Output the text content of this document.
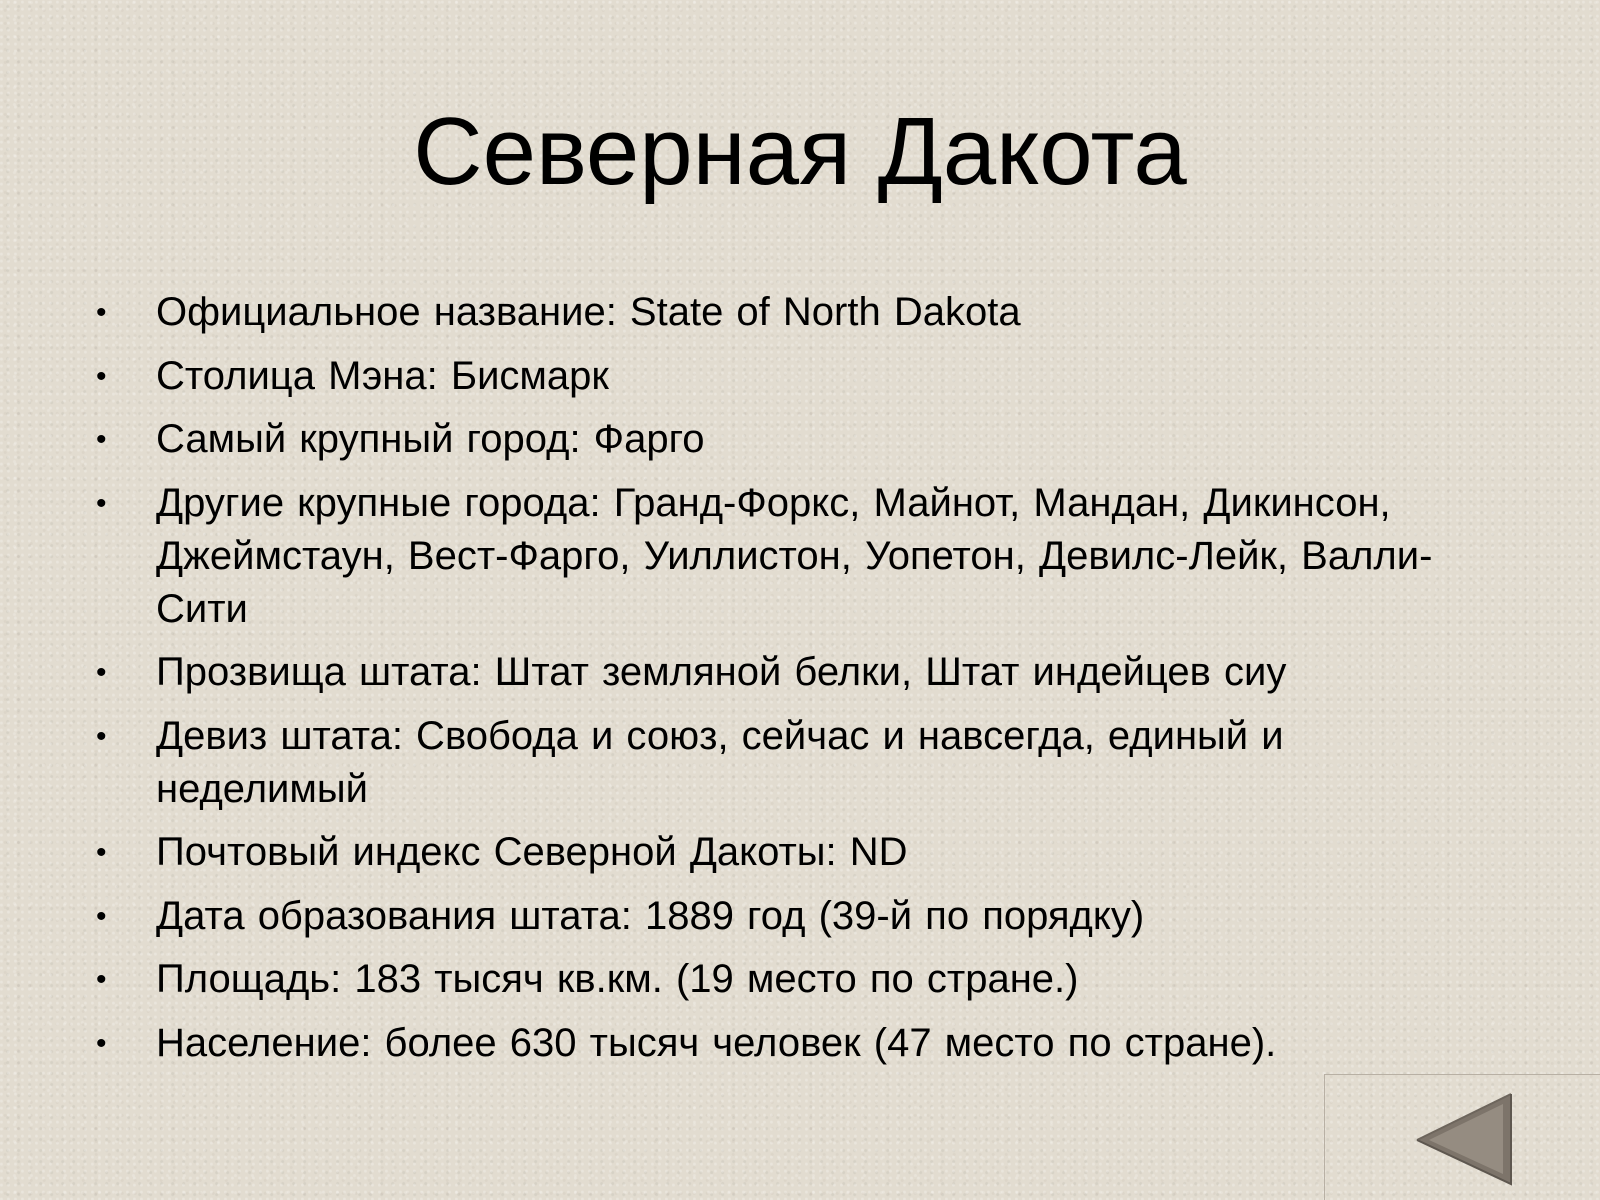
Северная Дакота
• Официальное название: State of North Dakota
• Столица Мэна: Бисмарк
• Самый крупный город: Фарго
• Другие крупные города: Гранд-Форкс, Майнот, Мандан, Дикинсон, Джеймстаун, Вест-Фарго, Уиллистон, Уопетон, Девилс-Лейк, Валли-Сити
• Прозвища штата: Штат земляной белки, Штат индейцев сиу
• Девиз штата: Свобода и союз, сейчас и навсегда, единый и неделимый
• Почтовый индекс Северной Дакоты: ND
• Дата образования штата: 1889 год (39-й по порядку)
• Площадь: 183 тысяч кв.км. (19 место по стране.)
• Население: более 630 тысяч человек (47 место по стране).
